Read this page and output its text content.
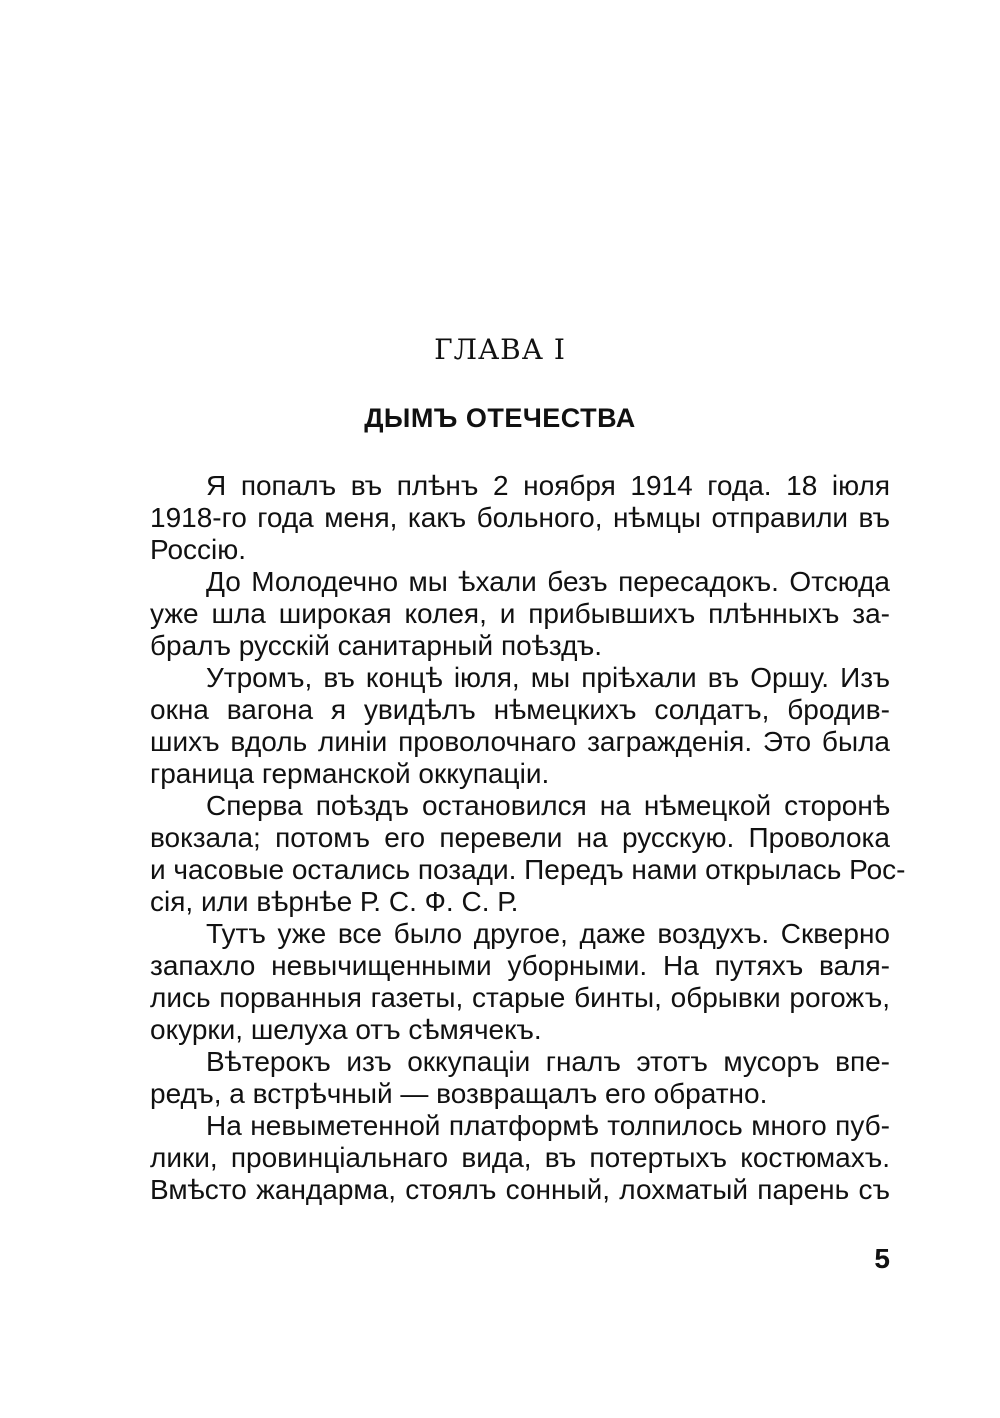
ГЛАВА I
ДЫМЪ ОТЕЧЕСТВА
Я попалъ въ плѣнъ 2 ноября 1914 года. 18 іюля
1918-го года меня, какъ больного, нѣмцы отправили въ
Россію.
До Молодечно мы ѣхали безъ пересадокъ. Отсюда
уже шла широкая колея, и прибывшихъ плѣнныхъ за-
бралъ русскій санитарный поѣздъ.
Утромъ, въ концѣ іюля, мы пріѣхали въ Оршу. Изъ
окна вагона я увидѣлъ нѣмецкихъ солдатъ, бродив-
шихъ вдоль линіи проволочнаго загражденія. Это была
граница германской оккупаціи.
Сперва поѣздъ остановился на нѣмецкой сторонѣ
вокзала; потомъ его перевели на русскую. Проволока
и часовые остались позади. Передъ нами открылась Рос-
сія, или вѣрнѣе Р. С. Ф. С. Р.
Тутъ уже все было другое, даже воздухъ. Скверно
запахло невычищенными уборными. На путяхъ валя-
лись порванныя газеты, старые бинты, обрывки рогожъ,
окурки, шелуха отъ сѣмячекъ.
Вѣтерокъ изъ оккупаціи гналъ этотъ мусоръ впе-
редъ, а встрѣчный — возвращалъ его обратно.
На невыметенной платформѣ толпилось много пуб-
лики, провинціальнаго вида, въ потертыхъ костюмахъ.
Вмѣсто жандарма, стоялъ сонный, лохматый парень съ
5
